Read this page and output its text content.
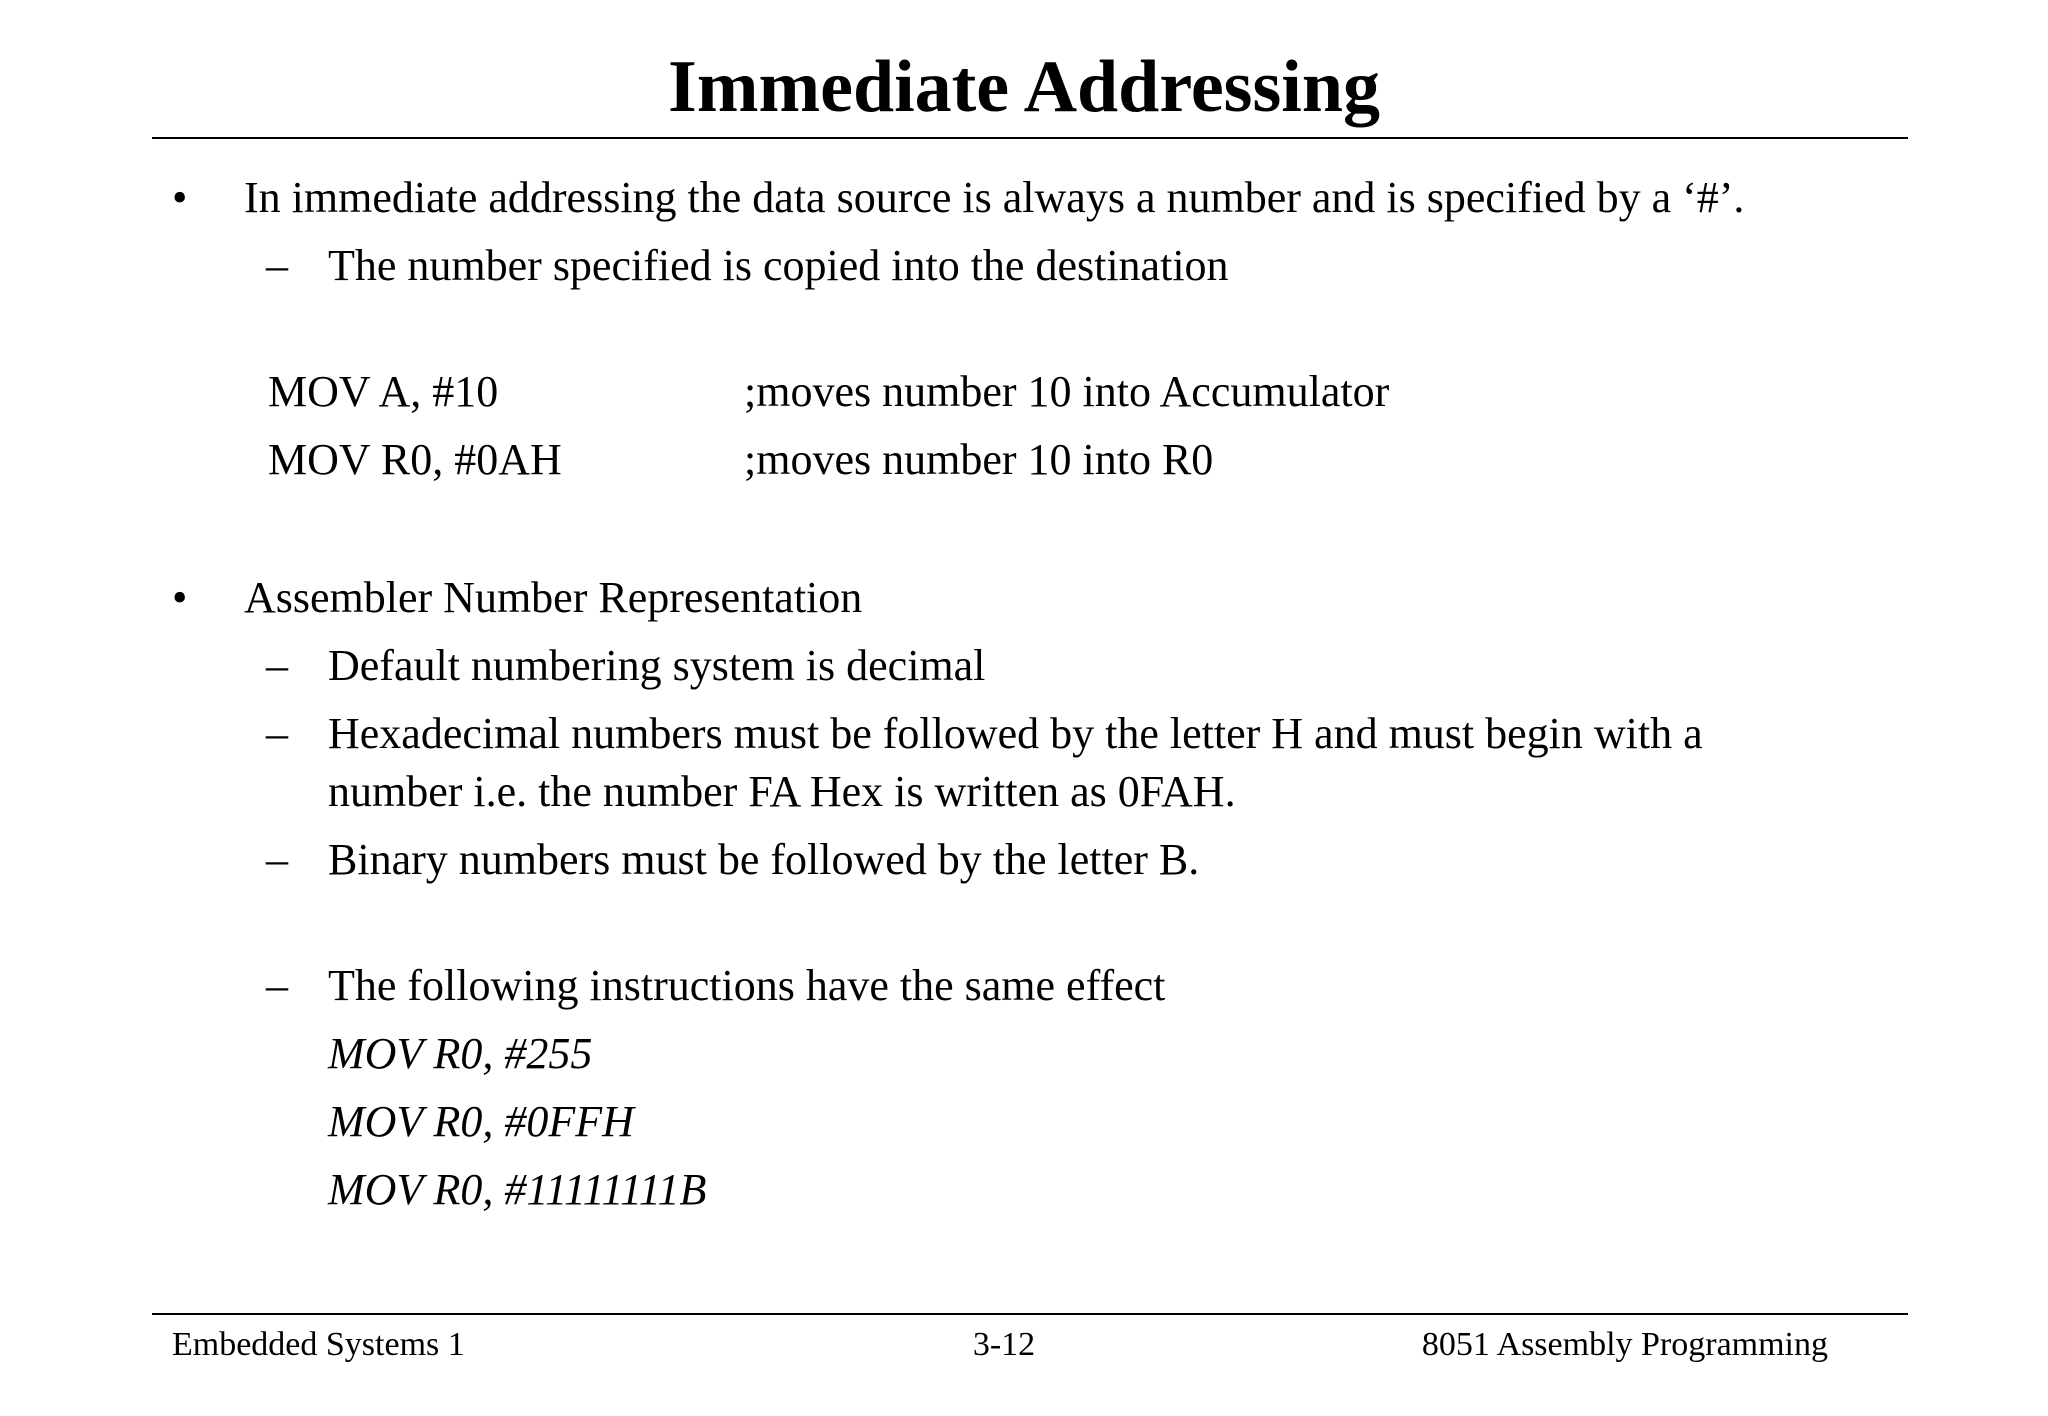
Immediate Addressing
• In immediate addressing the data source is always a number and is specified by a ‘#’.
– The number specified is copied into the destination
MOV A, #10	;moves number 10 into Accumulator
MOV R0, #0AH	;moves number 10 into R0
• Assembler Number Representation
– Default numbering system is decimal
– Hexadecimal numbers must be followed by the letter H and must begin with a
number i.e. the number FA Hex is written as 0FAH.
– Binary numbers must be followed by the letter B.
– The following instructions have the same effect
MOV R0, #255
MOV R0, #0FFH
MOV R0, #11111111B
Embedded Systems 1	3-12	8051 Assembly Programming
